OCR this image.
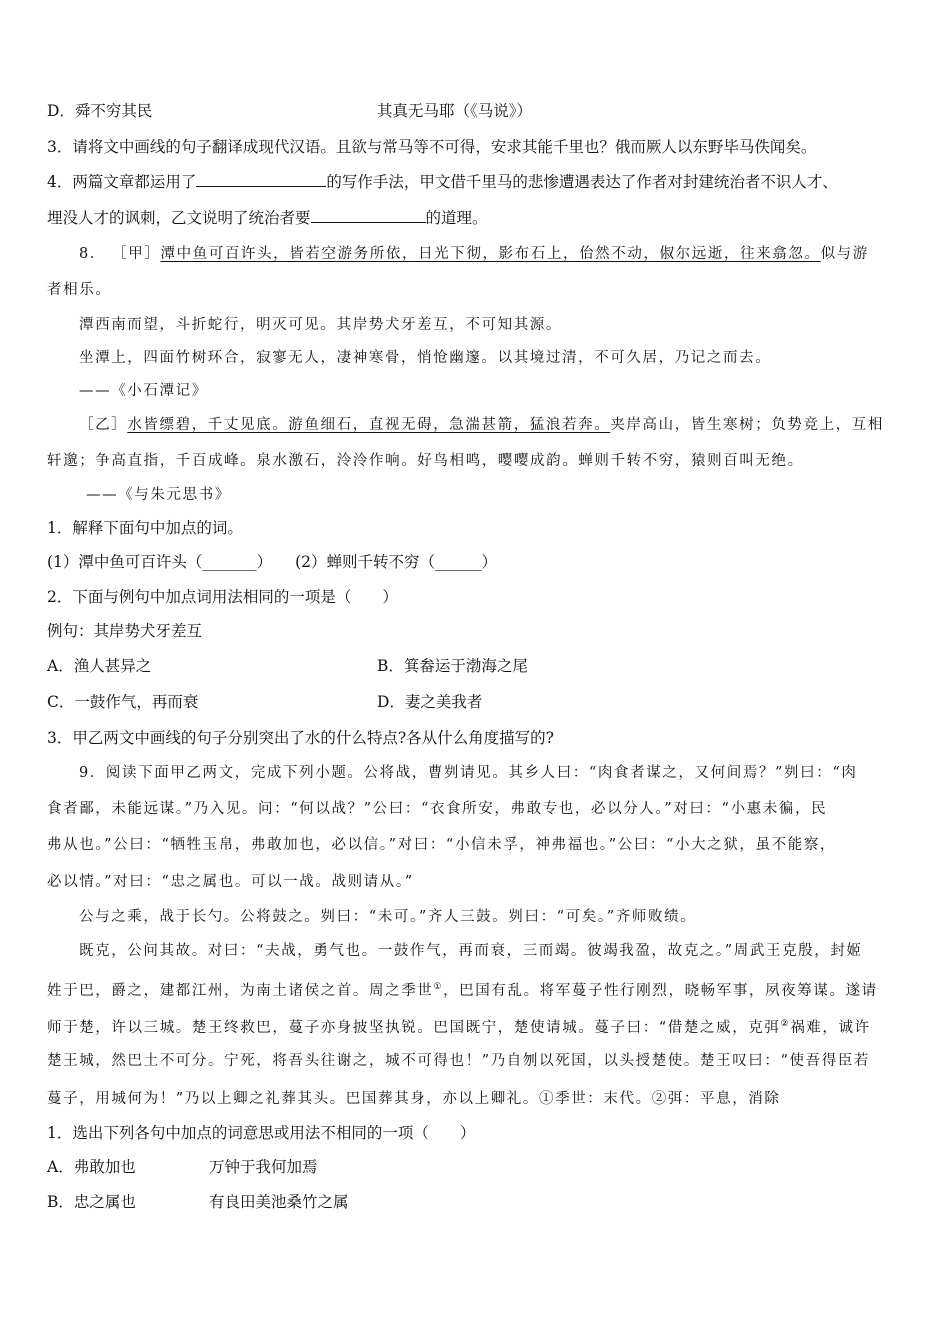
D．舜不穷其民	其真无马耶（《马说》）
3．请将文中画线的句子翻译成现代汉语。且欲与常马等不可得，安求其能千里也？俄而厥人以东野毕马佚闻矣。
4．两篇文章都运用了	的写作手法，甲文借千里马的悲惨遭遇表达了作者对封建统治者不识人才、
埋没人才的讽刺，乙文说明了统治者要	的道理。
8． ［甲］潭中鱼可百许头，皆若空游务所依，日光下彻，影布石上，佁然不动，俶尔远逝，往来翕忽。似与游
者相乐。
潭西南而望，斗折蛇行，明灭可见。其岸势犬牙差互，不可知其源。
坐潭上，四面竹树环合，寂寥无人，凄神寒骨，悄怆幽邃。以其境过清，不可久居，乃记之而去。
——《小石潭记》
［乙］水皆缥碧，千丈见底。游鱼细石，直视无碍，急湍甚箭，猛浪若奔。夹岸高山，皆生寒树；负势竞上，互相
轩邈；争高直指，千百成峰。泉水激石，泠泠作响。好鸟相鸣，嘤嘤成韵。蝉则千转不穷，猿则百叫无绝。
——《与朱元思书》
1．解释下面句中加点的词。
(1）潭中鱼可百许头（_______） (2）蝉则千转不穷（______）
2．下面与例句中加点词用法相同的一项是（　　）
例句：其岸势犬牙差互
A．渔人甚异之	B．箕畚运于渤海之尾
C．一鼓作气，再而衰	D．妻之美我者
3．甲乙两文中画线的句子分别突出了水的什么特点?各从什么角度描写的?
9．阅读下面甲乙两文，完成下列小题。公将战，曹刿请见。其乡人曰：“肉食者谋之，又何间焉？”刿曰：“肉
食者鄙，未能远谋。”乃入见。问：“何以战？”公曰：“衣食所安，弗敢专也，必以分人。”对曰：“小惠未徧，民
弗从也。”公曰：“牺牲玉帛，弗敢加也，必以信。”对曰：“小信未孚，神弗福也。”公曰：“小大之狱，虽不能察，
必以情。”对曰：“忠之属也。可以一战。战则请从。”
公与之乘，战于长勺。公将鼓之。刿曰：“未可。”齐人三鼓。刿曰：“可矣。”齐师败绩。
既克，公问其故。对曰：“夫战，勇气也。一鼓作气，再而衰，三而竭。彼竭我盈，故克之。”周武王克殷，封姬
姓于巴，爵之，建都江州，为南土诸侯之首。周之季世①，巴国有乱。将军蔓子性行刚烈，晓畅军事，夙夜筹谋。遂请
师于楚，许以三城。楚王终救巴，蔓子亦身披坚执锐。巴国既宁，楚使请城。蔓子曰：“借楚之威，克弭②祸难，诚许
楚王城，然巴土不可分。宁死，将吾头往谢之，城不可得也！”乃自刎以死国，以头授楚使。楚王叹曰：“使吾得臣若
蔓子，用城何为！”乃以上卿之礼葬其头。巴国葬其身，亦以上卿礼。①季世：末代。②弭：平息，消除
1．选出下列各句中加点的词意思或用法不相同的一项（　　）
A．弗敢加也	万钟于我何加焉
B．忠之属也	有良田美池桑竹之属
